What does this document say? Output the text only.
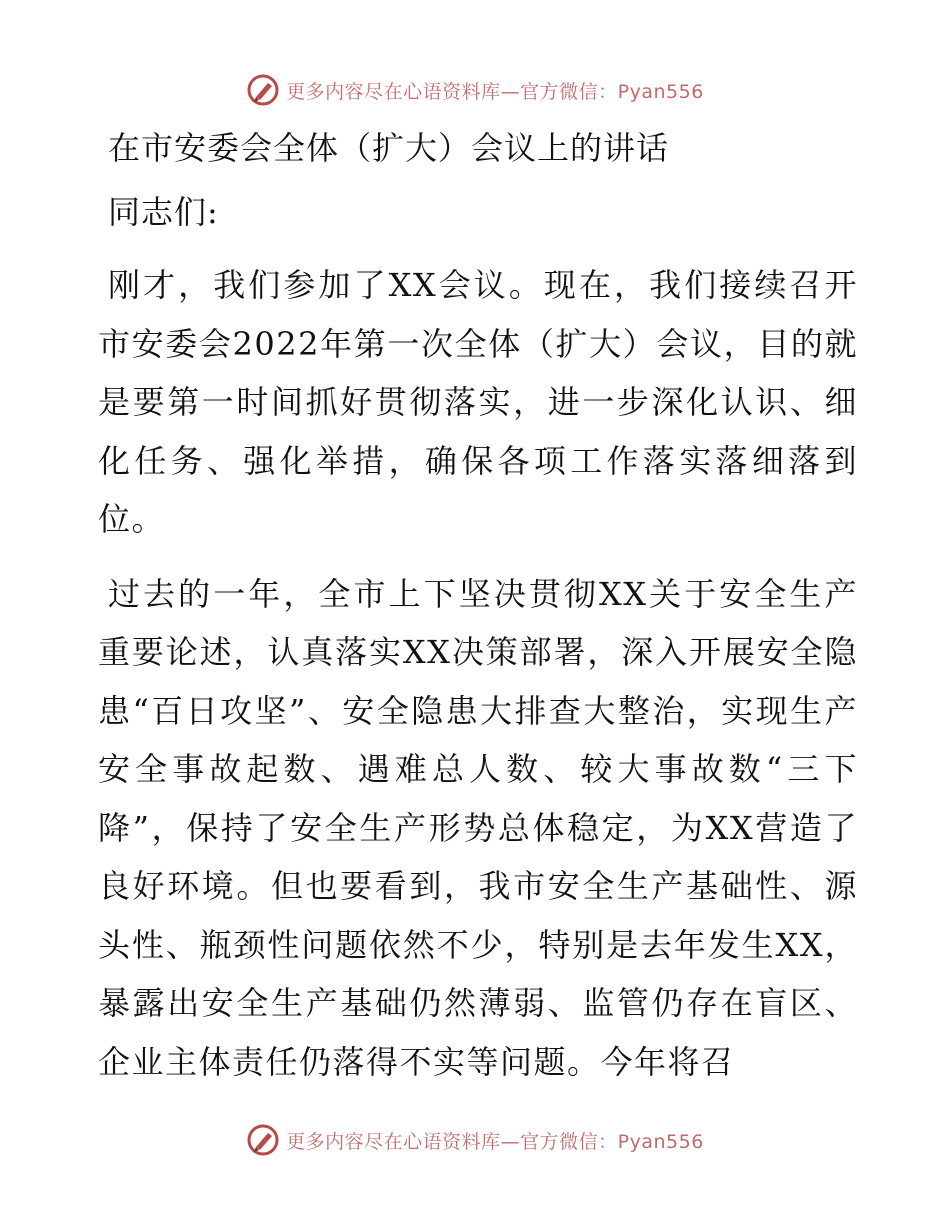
更多内容尽在心语资料库—官方微信：Pyan556
在市安委会全体（扩大）会议上的讲话

同志们:

刚才，我们参加了XX会议。现在，我们接续召开市安委会2022年第一次全体（扩大）会议，目的就是要第一时间抓好贯彻落实，进一步深化认识、细化任务、强化举措，确保各项工作落实落细落到位。

过去的一年，全市上下坚决贯彻XX关于安全生产重要论述，认真落实XX决策部署，深入开展安全隐患“百日攻坚”、安全隐患大排查大整治，实现生产安全事故起数、遇难总人数、较大事故数“三下降”，保持了安全生产形势总体稳定，为XX营造了良好环境。但也要看到，我市安全生产基础性、源头性、瓶颈性问题依然不少，特别是去年发生XX，暴露出安全生产基础仍然薄弱、监管仍存在盲区、企业主体责任仍落得不实等问题。今年将召

更多内容尽在心语资料库—官方微信：Pyan556
